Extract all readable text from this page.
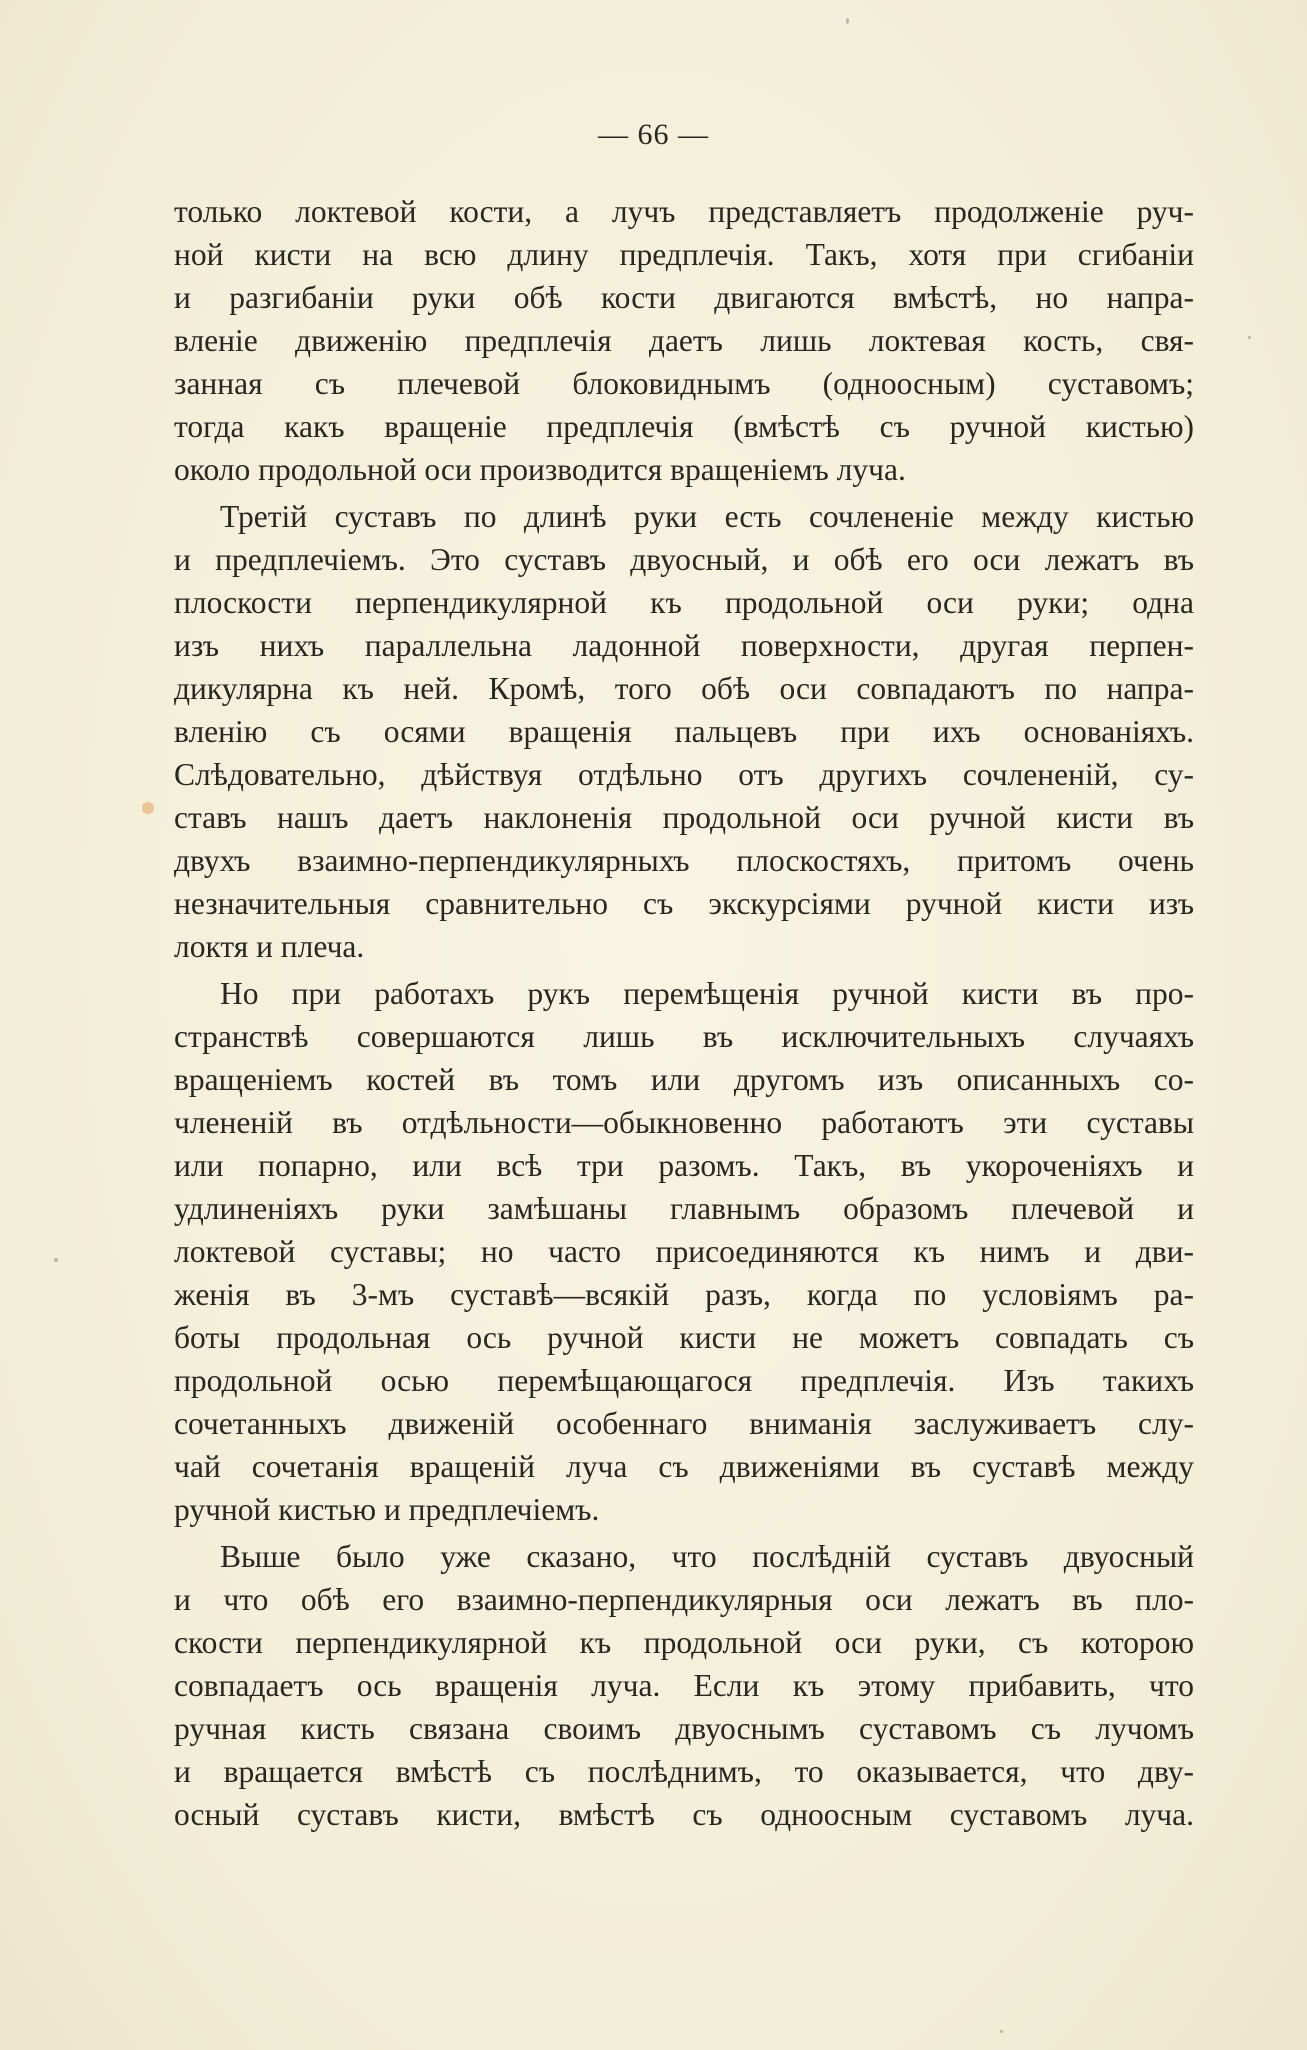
— 66 —
только локтевой кости, а лучъ представляетъ продолженіе руч-
ной кисти на всю длину предплечія. Такъ, хотя при сгибаніи
и разгибаніи руки обѣ кости двигаются вмѣстѣ, но напра-
вленіе движенію предплечія даетъ лишь локтевая кость, свя-
занная съ плечевой блоковиднымъ (одноосным) суставомъ;
тогда какъ вращеніе предплечія (вмѣстѣ съ ручной кистью)
около продольной оси производится вращеніемъ луча.
Третій суставъ по длинѣ руки есть сочлененіе между кистью
и предплечіемъ. Это суставъ двуосный, и обѣ его оси лежатъ въ
плоскости перпендикулярной къ продольной оси руки; одна
изъ нихъ параллельна ладонной поверхности, другая перпен-
дикулярна къ ней. Кромѣ, того обѣ оси совпадаютъ по напра-
вленію съ осями вращенія пальцевъ при ихъ основаніяхъ.
Слѣдовательно, дѣйствуя отдѣльно отъ другихъ сочлененій, су-
ставъ нашъ даетъ наклоненія продольной оси ручной кисти въ
двухъ взаимно-перпендикулярныхъ плоскостяхъ, притомъ очень
незначительныя сравнительно съ экскурсіями ручной кисти изъ
локтя и плеча.
Но при работахъ рукъ перемѣщенія ручной кисти въ про-
странствѣ совершаются лишь въ исключительныхъ случаяхъ
вращеніемъ костей въ томъ или другомъ изъ описанныхъ со-
члененій въ отдѣльности—обыкновенно работаютъ эти суставы
или попарно, или всѣ три разомъ. Такъ, въ укороченіяхъ и
удлиненіяхъ руки замѣшаны главнымъ образомъ плечевой и
локтевой суставы; но часто присоединяются къ нимъ и дви-
женія въ 3-мъ суставѣ—всякій разъ, когда по условіямъ ра-
боты продольная ось ручной кисти не можетъ совпадать съ
продольной осью перемѣщающагося предплечія. Изъ такихъ
сочетанныхъ движеній особеннаго вниманія заслуживаетъ слу-
чай сочетанія вращеній луча съ движеніями въ суставѣ между
ручной кистью и предплечіемъ.
Выше было уже сказано, что послѣдній суставъ двуосный
и что обѣ его взаимно-перпендикулярныя оси лежатъ въ пло-
скости перпендикулярной къ продольной оси руки, съ которою
совпадаетъ ось вращенія луча. Если къ этому прибавить, что
ручная кисть связана своимъ двуоснымъ суставомъ съ лучомъ
и вращается вмѣстѣ съ послѣднимъ, то оказывается, что дву-
осный суставъ кисти, вмѣстѣ съ одноосным суставомъ луча.
